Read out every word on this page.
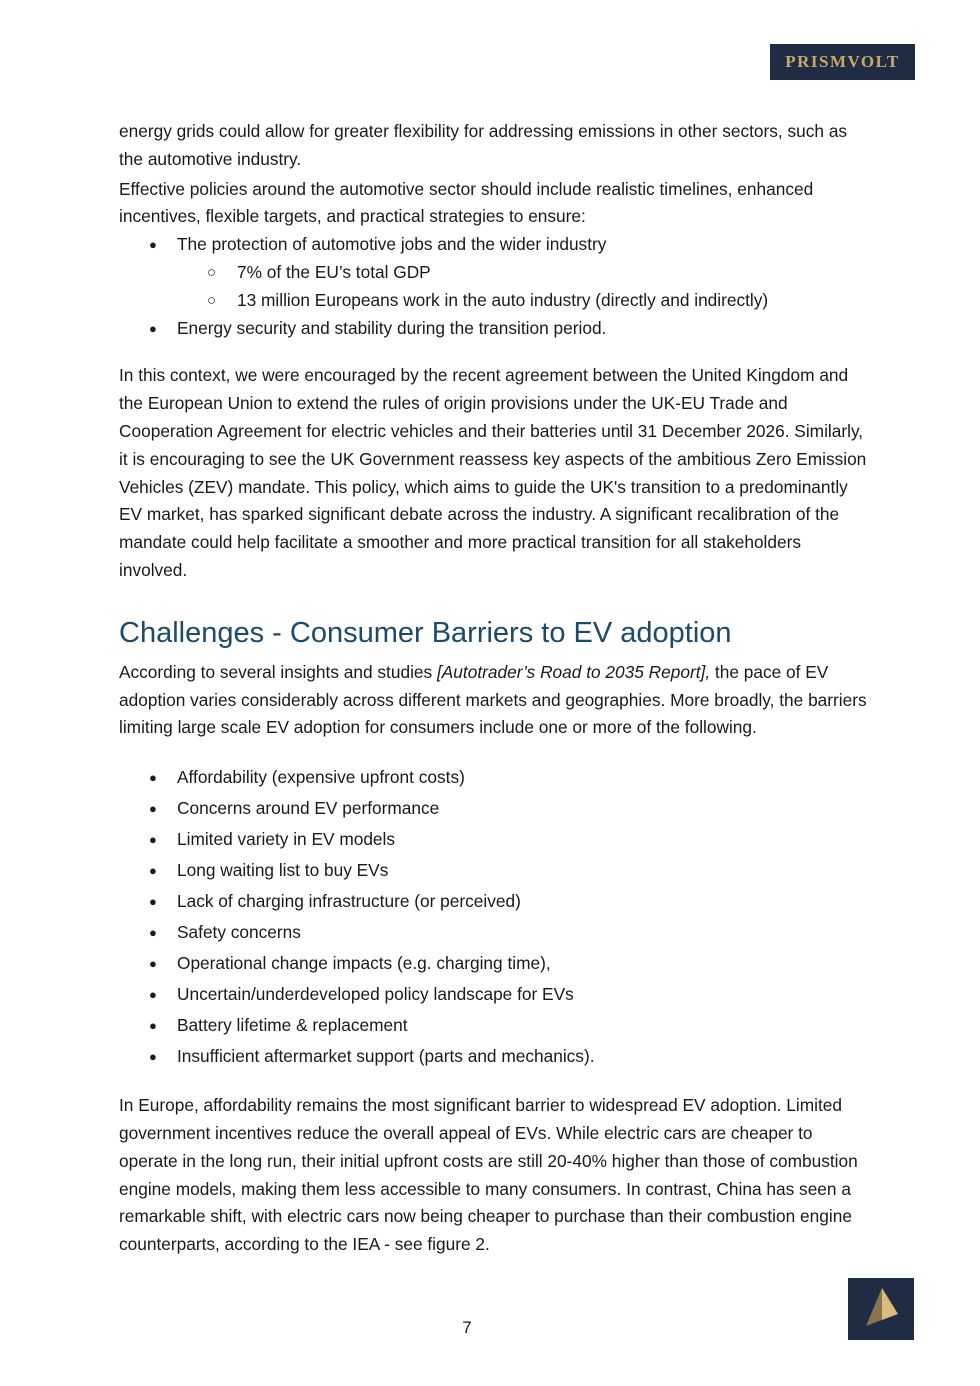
PRISMVOLT

energy grids could allow for greater flexibility for addressing emissions in other sectors, such as the automotive industry.

Effective policies around the automotive sector should include realistic timelines, enhanced incentives, flexible targets, and practical strategies to ensure:

● The protection of automotive jobs and the wider industry
○ 7% of the EU’s total GDP
○ 13 million Europeans work in the auto industry (directly and indirectly)
● Energy security and stability during the transition period.

In this context, we were encouraged by the recent agreement between the United Kingdom and the European Union to extend the rules of origin provisions under the UK-EU Trade and Cooperation Agreement for electric vehicles and their batteries until 31 December 2026. Similarly, it is encouraging to see the UK Government reassess key aspects of the ambitious Zero Emission Vehicles (ZEV) mandate. This policy, which aims to guide the UK's transition to a predominantly EV market, has sparked significant debate across the industry. A significant recalibration of the mandate could help facilitate a smoother and more practical transition for all stakeholders involved.

Challenges - Consumer Barriers to EV adoption

According to several insights and studies [Autotrader’s Road to 2035 Report], the pace of EV adoption varies considerably across different markets and geographies. More broadly, the barriers limiting large scale EV adoption for consumers include one or more of the following.

● Affordability (expensive upfront costs)
● Concerns around EV performance
● Limited variety in EV models
● Long waiting list to buy EVs
● Lack of charging infrastructure (or perceived)
● Safety concerns
● Operational change impacts (e.g. charging time),
● Uncertain/underdeveloped policy landscape for EVs
● Battery lifetime & replacement
● Insufficient aftermarket support (parts and mechanics).

In Europe, affordability remains the most significant barrier to widespread EV adoption. Limited government incentives reduce the overall appeal of EVs. While electric cars are cheaper to operate in the long run, their initial upfront costs are still 20-40% higher than those of combustion engine models, making them less accessible to many consumers. In contrast, China has seen a remarkable shift, with electric cars now being cheaper to purchase than their combustion engine counterparts, according to the IEA - see figure 2.

7
